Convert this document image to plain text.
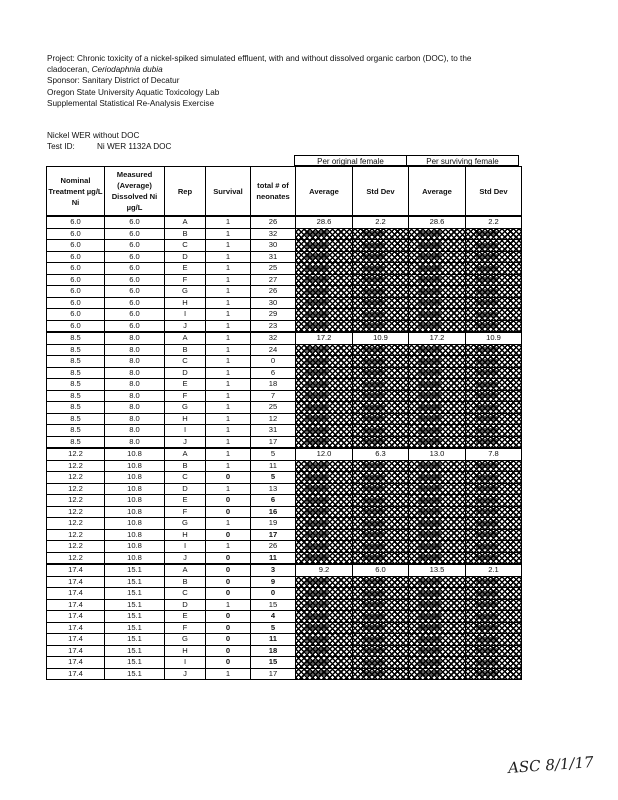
Project: Chronic toxicity of a nickel-spiked simulated effluent, with and without dissolved organic carbon (DOC), to the
cladoceran, Ceriodaphnia dubia
Sponsor: Sanitary District of Decatur
Oregon State University Aquatic Toxicology Lab
Supplemental Statistical Re-Analysis Exercise
Nickel WER without DOC
Test ID:	Ni WER 1132A DOC
Per original female	Per surviving female
Nominal Treatment µg/L Ni	Measured (Average) Dissolved Ni µg/L	Rep	Survival	total # of neonates	Average	Std Dev	Average	Std Dev
6.0	6.0	A	1	26	28.6	2.2	28.6	2.2
6.0	6.0	B	1	32				
6.0	6.0	C	1	30				
6.0	6.0	D	1	31				
6.0	6.0	E	1	25				
6.0	6.0	F	1	27				
6.0	6.0	G	1	26				
6.0	6.0	H	1	30				
6.0	6.0	I	1	29				
6.0	6.0	J	1	23				
8.5	8.0	A	1	32	17.2	10.9	17.2	10.9
8.5	8.0	B	1	24				
8.5	8.0	C	1	0				
8.5	8.0	D	1	6				
8.5	8.0	E	1	18				
8.5	8.0	F	1	7				
8.5	8.0	G	1	25				
8.5	8.0	H	1	12				
8.5	8.0	I	1	31				
8.5	8.0	J	1	17				
12.2	10.8	A	1	5	12.0	6.3	13.0	7.8
12.2	10.8	B	1	11				
12.2	10.8	C	0	5				
12.2	10.8	D	1	13				
12.2	10.8	E	0	6				
12.2	10.8	F	0	16				
12.2	10.8	G	1	19				
12.2	10.8	H	0	17				
12.2	10.8	I	1	26				
12.2	10.8	J	0	11				
17.4	15.1	A	0	3	9.2	6.0	13.5	2.1
17.4	15.1	B	0	9				
17.4	15.1	C	0	0				
17.4	15.1	D	1	15				
17.4	15.1	E	0	4				
17.4	15.1	F	0	5				
17.4	15.1	G	0	11				
17.4	15.1	H	0	18				
17.4	15.1	I	0	15				
17.4	15.1	J	1	17				
ASC 8/1/17
